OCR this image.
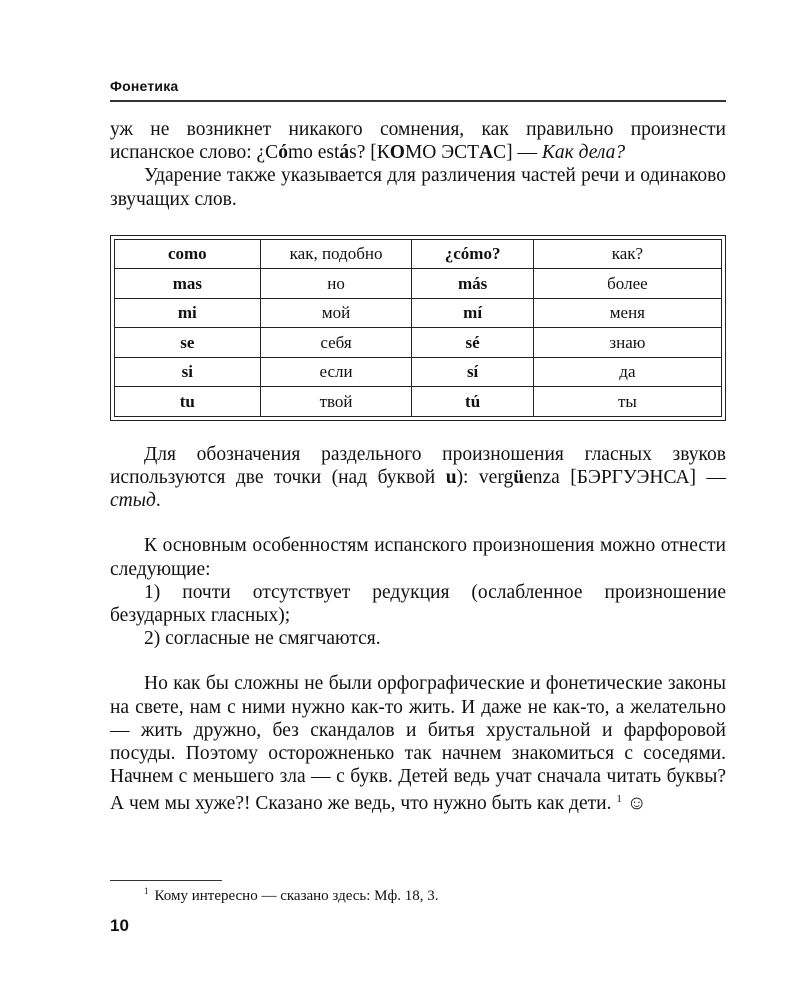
Фонетика

уж не возникнет никакого сомнения, как правильно произнести испанское слово: ¿Cómo estás? [КОМО ЭСТАС] — Как дела?

Ударение также указывается для различения частей речи и одинаково звучащих слов.

como	как, подобно	¿cómo?	как?
mas	но	más	более
mi	мой	mí	меня
se	себя	sé	знаю
si	если	sí	да
tu	твой	tú	ты

Для обозначения раздельного произношения гласных звуков используются две точки (над буквой u): vergüenza [БЭРГУЭНСА] — стыд.

К основным особенностям испанского произношения можно отнести следующие:

1) почти отсутствует редукция (ослабленное произношение безударных гласных);

2) согласные не смягчаются.

Но как бы сложны не были орфографические и фонетические законы на свете, нам с ними нужно как-то жить. И даже не как-то, а желательно — жить дружно, без скандалов и битья хрустальной и фарфоровой посуды. Поэтому осторожненько так начнем знакомиться с соседями. Начнем с меньшего зла — с букв. Детей ведь учат сначала читать буквы? А чем мы хуже?! Сказано же ведь, что нужно быть как дети. $^1$ ☺

$^1$ Кому интересно — сказано здесь: Мф. 18, 3.
10
